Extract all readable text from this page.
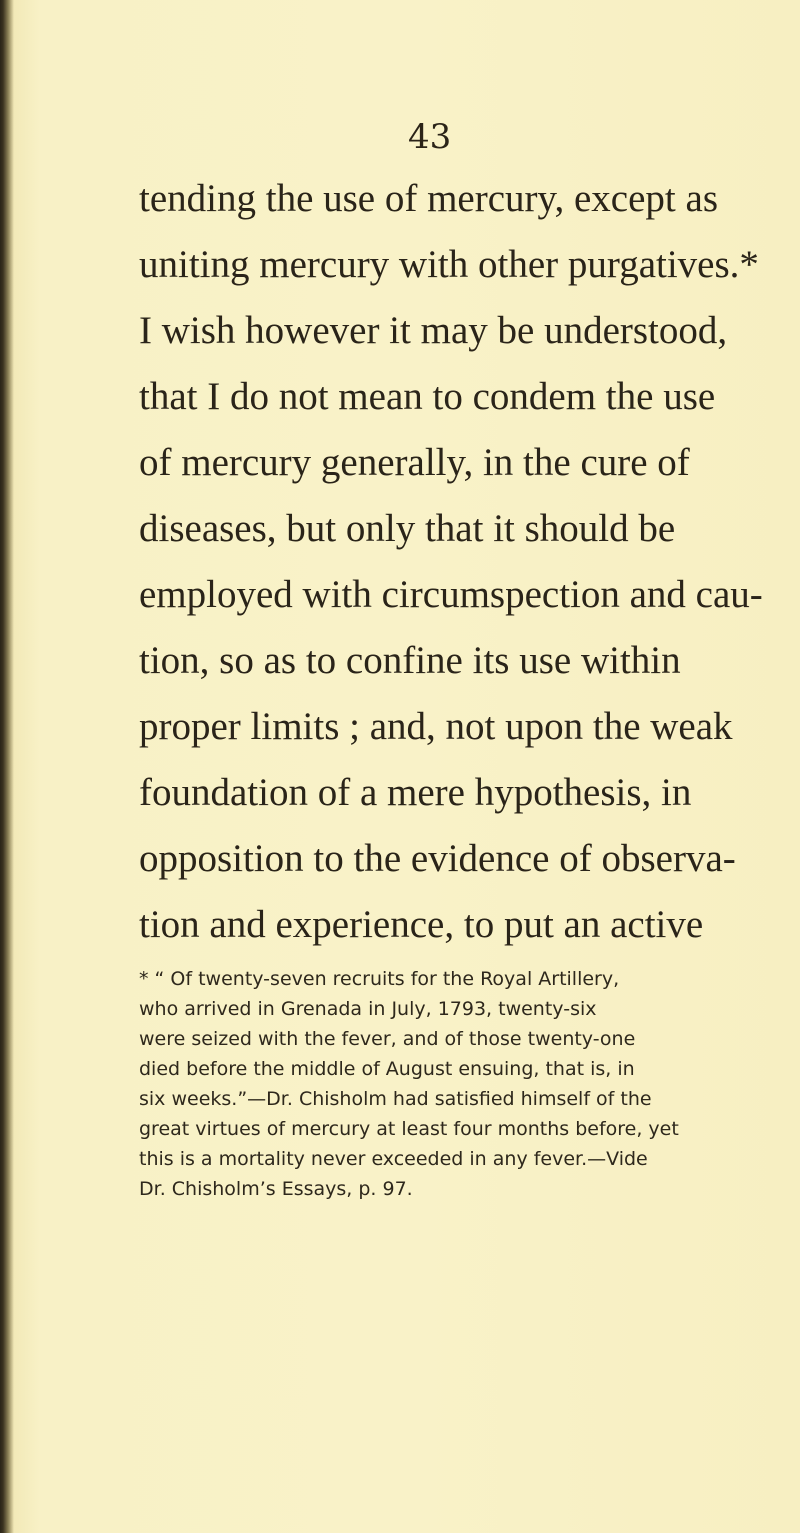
43

tending the use of mercury, except as
uniting mercury with other purgatives.*
I wish however it may be understood,
that I do not mean to condem the use
of mercury generally, in the cure of
diseases, but only that it should be
employed with circumspection and cau-
tion, so as to confine its use within
proper limits ; and, not upon the weak
foundation of a mere hypothesis, in
opposition to the evidence of observa-
tion and experience, to put an active
* “ Of twenty-seven recruits for the Royal Artillery,
who arrived in Grenada in July, 1793, twenty-six
were seized with the fever, and of those twenty-one
died before the middle of August ensuing, that is, in
six weeks.”—Dr. Chisholm had satisfied himself of the
great virtues of mercury at least four months before, yet
this is a mortality never exceeded in any fever.—Vide
Dr. Chisholm’s Essays, p. 97.
